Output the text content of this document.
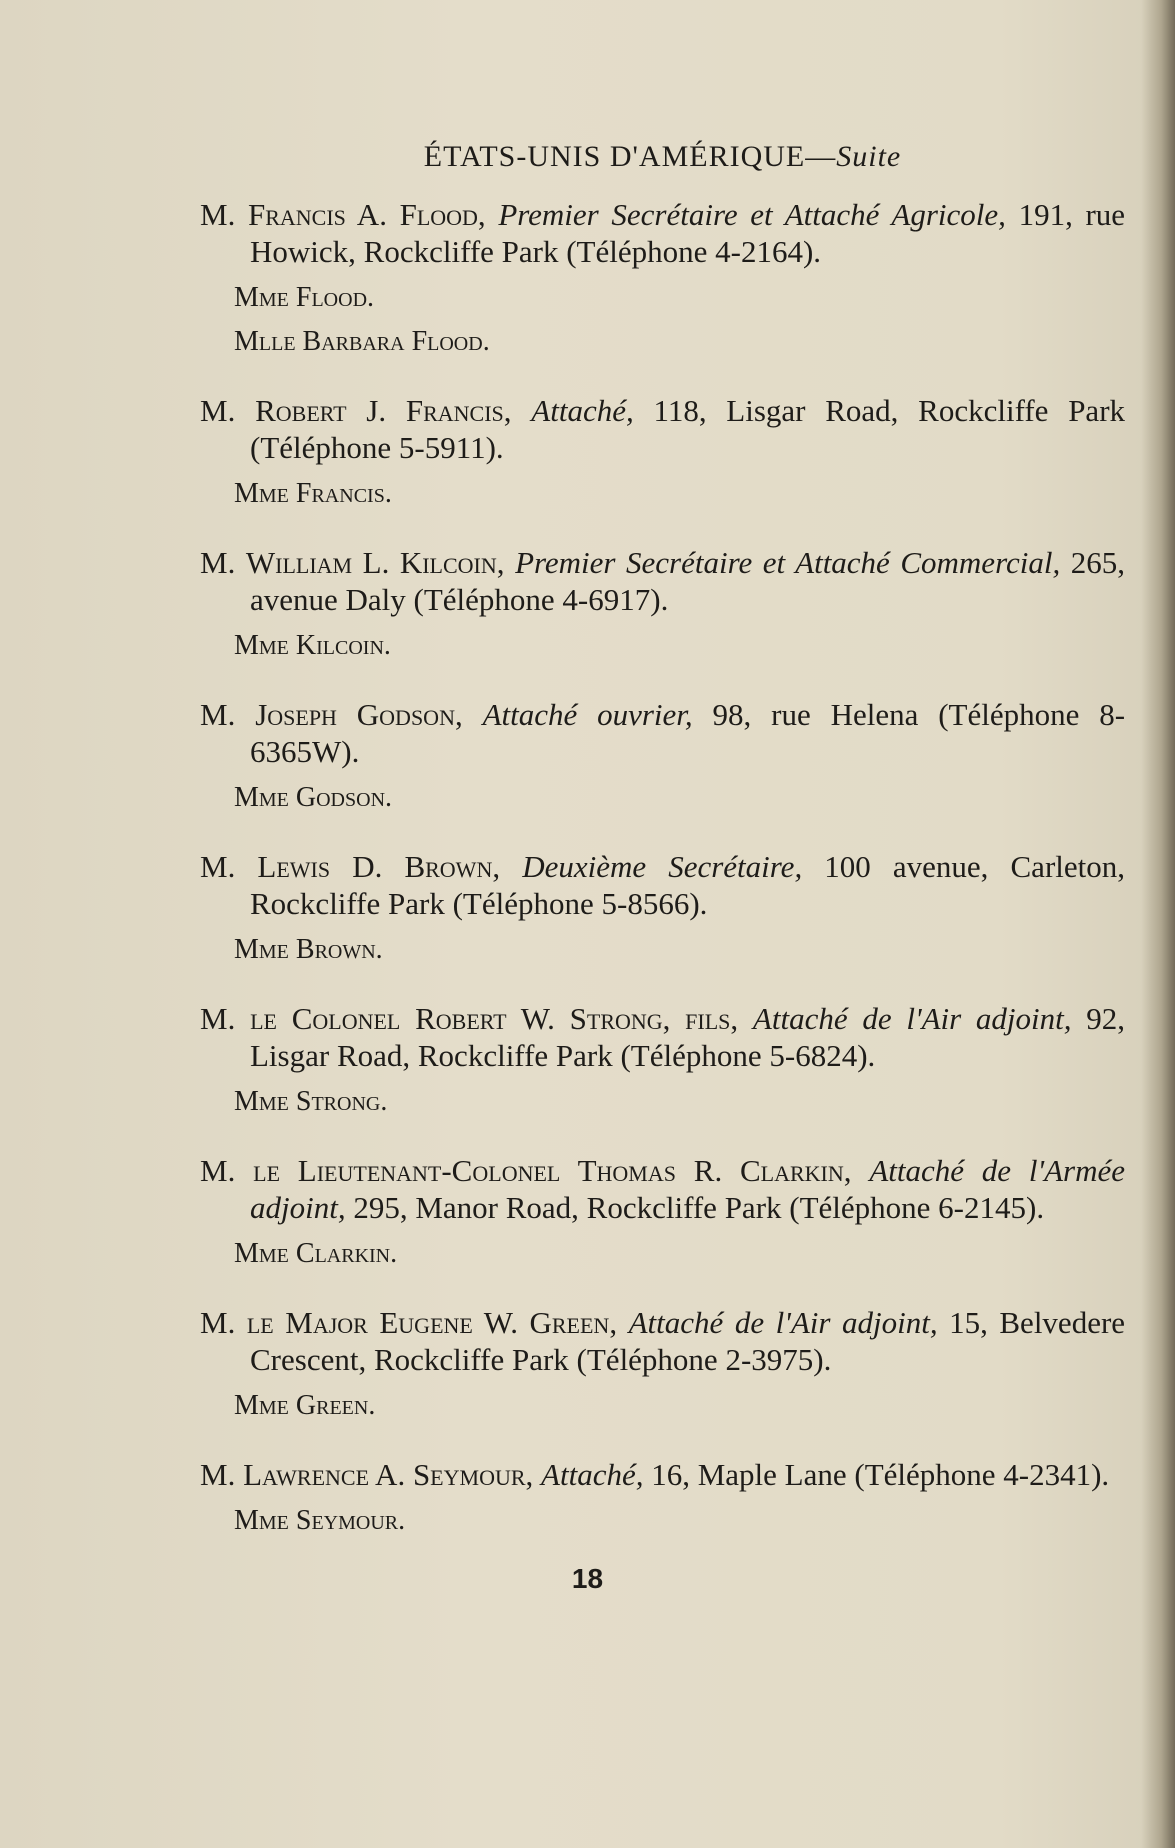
ÉTATS-UNIS D'AMÉRIQUE—Suite
M. Francis A. Flood, Premier Secrétaire et Attaché Agricole, 191, rue Howick, Rockcliffe Park (Téléphone 4-2164).
Mme Flood.
Mlle Barbara Flood.
M. Robert J. Francis, Attaché, 118, Lisgar Road, Rockcliffe Park (Téléphone 5-5911).
Mme Francis.
M. William L. Kilcoin, Premier Secrétaire et Attaché Commercial, 265, avenue Daly (Téléphone 4-6917).
Mme Kilcoin.
M. Joseph Godson, Attaché ouvrier, 98, rue Helena (Téléphone 8-6365W).
Mme Godson.
M. Lewis D. Brown, Deuxième Secrétaire, 100 avenue, Carleton, Rockcliffe Park (Téléphone 5-8566).
Mme Brown.
M. le Colonel Robert W. Strong, fils, Attaché de l'Air adjoint, 92, Lisgar Road, Rockcliffe Park (Téléphone 5-6824).
Mme Strong.
M. le Lieutenant-Colonel Thomas R. Clarkin, Attaché de l'Armée adjoint, 295, Manor Road, Rockcliffe Park (Téléphone 6-2145).
Mme Clarkin.
M. le Major Eugene W. Green, Attaché de l'Air adjoint, 15, Belvedere Crescent, Rockcliffe Park (Téléphone 2-3975).
Mme Green.
M. Lawrence A. Seymour, Attaché, 16, Maple Lane (Téléphone 4-2341).
Mme Seymour.
18
